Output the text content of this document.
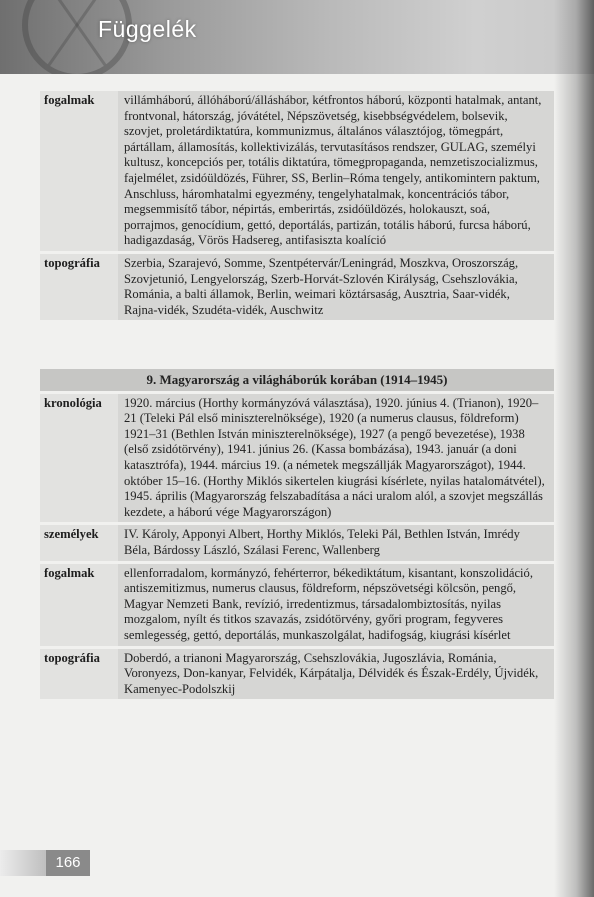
Függelék
fogalmak	villámháború, állóháború/álláshábor, kétfrontos háború, központi hatalmak, antant, frontvonal, hátország, jóvátétel, Népszövetség, kisebbségvédelem, bolsevik, szovjet, proletárdiktatúra, kommunizmus, általános választójog, tömegpárt, pártállam, államosítás, kollektivizálás, tervutasításos rendszer, GULAG, személyi kultusz, koncepciós per, totális diktatúra, tömegpropaganda, nemzetiszocializmus, fajelmélet, zsidóüldözés, Führer, SS, Berlin–Róma tengely, antikomintern paktum, Anschluss, háromhatalmi egyezmény, tengelyhatalmak, koncentrációs tábor, megsemmisítő tábor, népirtás, emberirtás, zsidóüldözés, holokauszt, soá, porrajmos, genocídium, gettó, deportálás, partizán, totális háború, furcsa háború, hadigazdaság, Vörös Hadsereg, antifasiszta koalíció
topográfia	Szerbia, Szarajevó, Somme, Szentpétervár/Leningrád, Moszkva, Oroszország, Szovjetunió, Lengyelország, Szerb-Horvát-Szlovén Királyság, Csehszlovákia, Románia, a balti államok, Berlin, weimari köztársaság, Ausztria, Saar-vidék, Rajna-vidék, Szudéta-vidék, Auschwitz
9. Magyarország a világháborúk korában (1914–1945)	
kronológia	1920. március (Horthy kormányzóvá választása), 1920. június 4. (Trianon), 1920–21 (Teleki Pál első miniszterelnöksége), 1920 (a numerus clausus, földreform) 1921–31 (Bethlen István miniszterelnöksége), 1927 (a pengő bevezetése), 1938 (első zsidótörvény), 1941. június 26. (Kassa bombázása), 1943. január (a doni katasztrófa), 1944. március 19. (a németek megszállják Magyarországot), 1944. október 15–16. (Horthy Miklós sikertelen kiugrási kísérlete, nyilas hatalomátvétel), 1945. április (Magyarország felszabadítása a náci uralom alól, a szovjet megszállás kezdete, a háború vége Magyarországon)
személyek	IV. Károly, Apponyi Albert, Horthy Miklós, Teleki Pál, Bethlen István, Imrédy Béla, Bárdossy László, Szálasi Ferenc, Wallenberg
fogalmak	ellenforradalom, kormányzó, fehérterror, békediktátum, kisantant, konszolidáció, antiszemitizmus, numerus clausus, földreform, népszövetségi kölcsön, pengő, Magyar Nemzeti Bank, revízió, irredentizmus, társadalombiztosítás, nyilas mozgalom, nyílt és titkos szavazás, zsidótörvény, győri program, fegyveres semlegesség, gettó, deportálás, munkaszolgálat, hadifogság, kiugrási kísérlet
topográfia	Doberdó, a trianoni Magyarország, Csehszlovákia, Jugoszlávia, Románia, Voronyezs, Don-kanyar, Felvidék, Kárpátalja, Délvidék és Észak-Erdély, Újvidék, Kamenyec-Podolszkij
166
